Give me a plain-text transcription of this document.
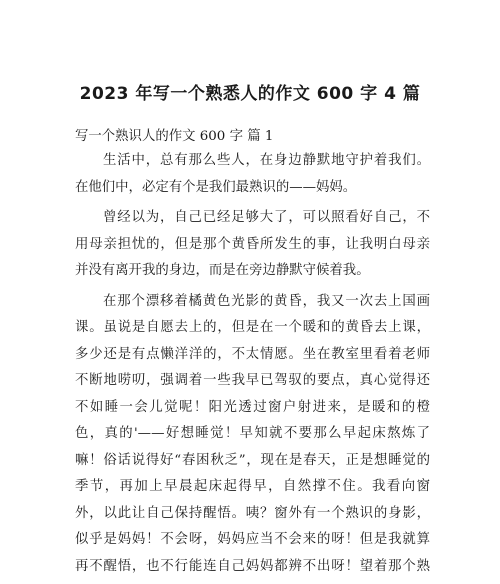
2023 年写一个熟悉人的作文 600 字 4 篇
写一个熟识人的作文 600 字 篇 1
生活中，总有那么些人，在身边静默地守护着我们。
在他们中，必定有个是我们最熟识的——妈妈。
曾经以为，自己已经足够大了，可以照看好自己，不
用母亲担忧的，但是那个黄昏所发生的事，让我明白母亲
并没有离开我的身边，而是在旁边静默守候着我。
在那个漂移着橘黄色光影的黄昏，我又一次去上国画
课。虽说是自愿去上的，但是在一个暖和的黄昏去上课，
多少还是有点懒洋洋的，不太情愿。坐在教室里看着老师
不断地唠叨，强调着一些我早已驾驭的要点，真心觉得还
不如睡一会儿觉呢！阳光透过窗户射进来，是暖和的橙
色，真的'——好想睡觉！早知就不要那么早起床熬炼了
嘛！俗话说得好“春困秋乏”，现在是春天，正是想睡觉的
季节，再加上早晨起床起得早，自然撑不住。我看向窗
外，以此让自己保持醒悟。咦？窗外有一个熟识的身影，
似乎是妈妈！不会呀，妈妈应当不会来的呀！但是我就算
再不醒悟，也不行能连自己妈妈都辨不出呀！望着那个熟
